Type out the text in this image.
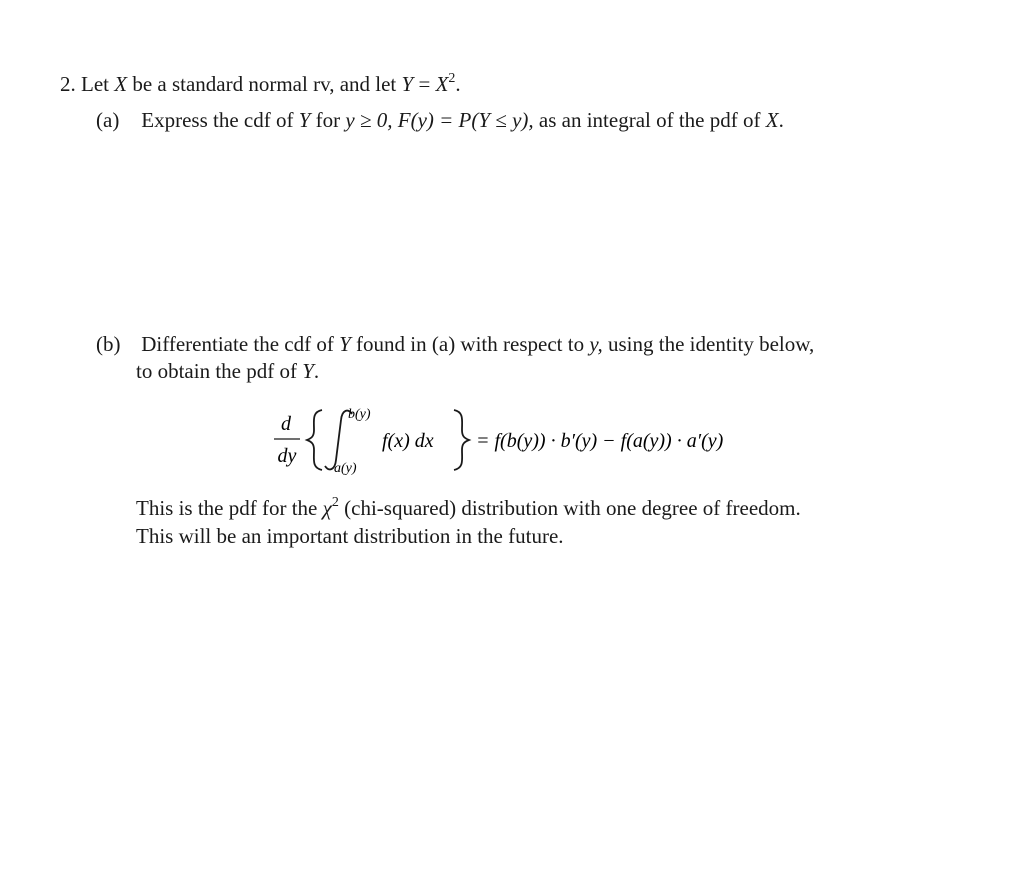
2. Let X be a standard normal rv, and let $Y = X^2$.
(a) Express the cdf of Y for y ≥ 0, F(y) = P(Y ≤ y), as an integral of the pdf of X.
(b) Differentiate the cdf of Y found in (a) with respect to y, using the identity below,
to obtain the pdf of Y.
d
dy
b(y)
a(y)
f(x) dx = f(b(y)) · b′(y) − f(a(y)) · a′(y)
This is the pdf for the $\chi^2$ (chi-squared) distribution with one degree of freedom.
This will be an important distribution in the future.
